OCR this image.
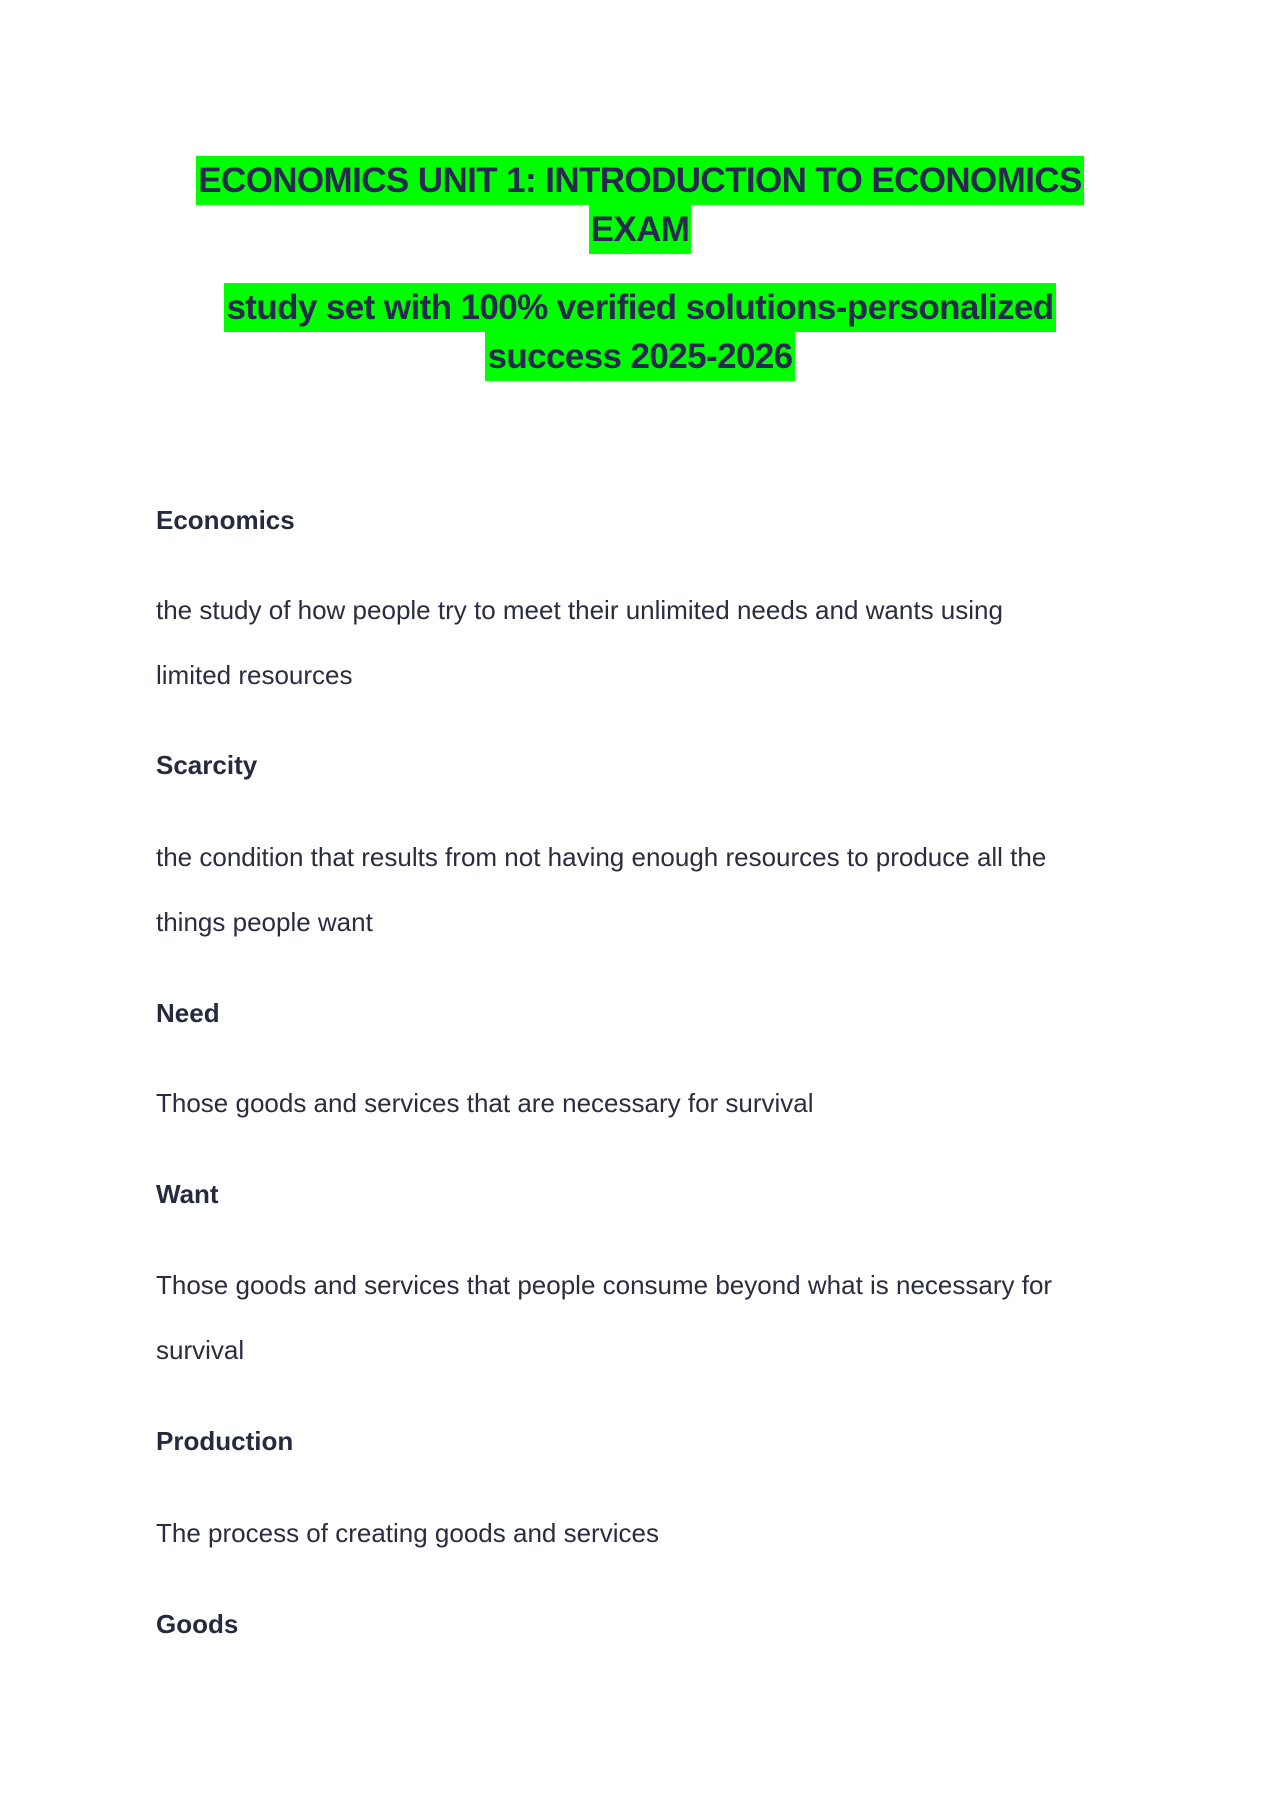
ECONOMICS UNIT 1: INTRODUCTION TO ECONOMICS
EXAM
study set with 100% verified solutions-personalized
success 2025-2026
Economics
the study of how people try to meet their unlimited needs and wants using
limited resources
Scarcity
the condition that results from not having enough resources to produce all the
things people want
Need
Those goods and services that are necessary for survival
Want
Those goods and services that people consume beyond what is necessary for
survival
Production
The process of creating goods and services
Goods
